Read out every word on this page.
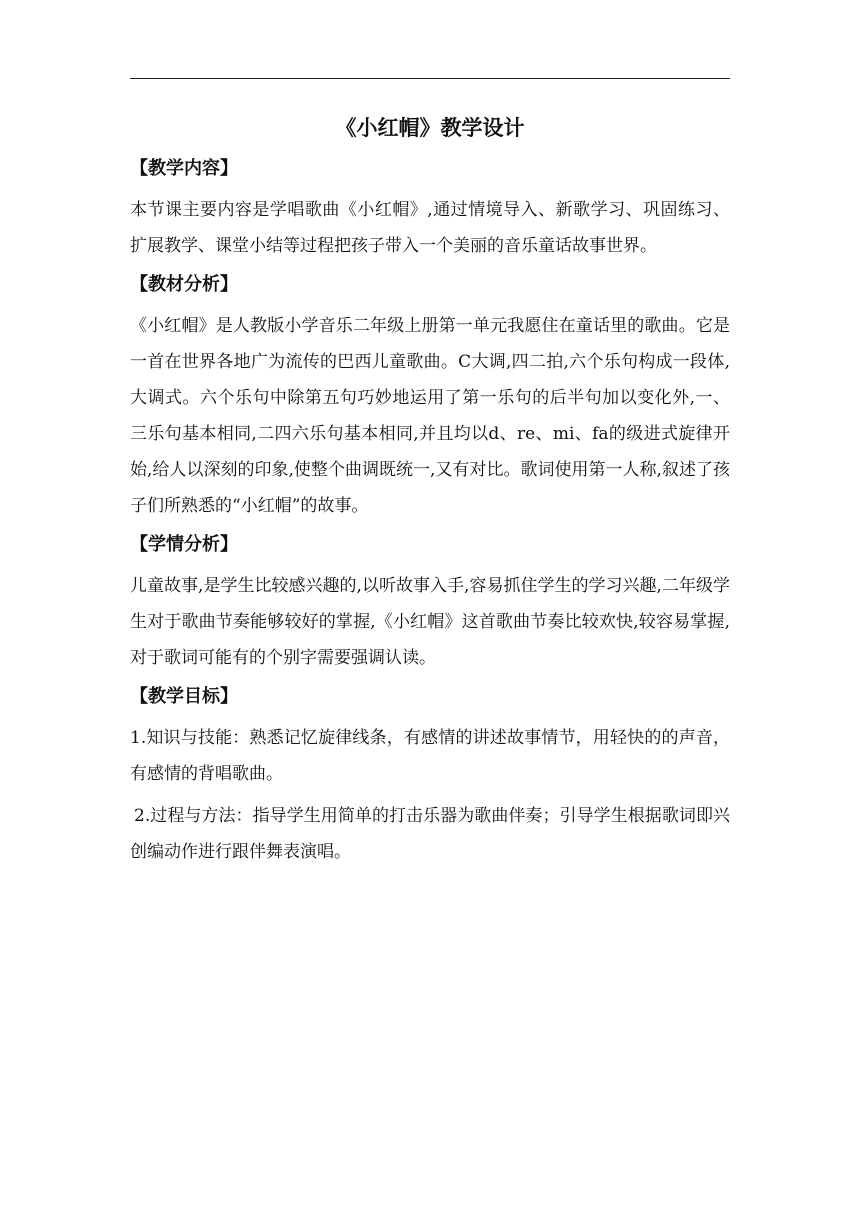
《小红帽》教学设计
【教学内容】

本节课主要内容是学唱歌曲《小红帽》,通过情境导入、新歌学习、巩固练习、扩展教学、课堂小结等过程把孩子带入一个美丽的音乐童话故事世界。

【教材分析】

《小红帽》是人教版小学音乐二年级上册第一单元我愿住在童话里的歌曲。它是一首在世界各地广为流传的巴西儿童歌曲。C大调,四二拍,六个乐句构成一段体,大调式。六个乐句中除第五句巧妙地运用了第一乐句的后半句加以变化外,一、三乐句基本相同,二四六乐句基本相同,并且均以d、re、mi、fa的级进式旋律开始,给人以深刻的印象,使整个曲调既统一,又有对比。歌词使用第一人称,叙述了孩子们所熟悉的“小红帽”的故事。

【学情分析】

儿童故事,是学生比较感兴趣的,以听故事入手,容易抓住学生的学习兴趣,二年级学生对于歌曲节奏能够较好的掌握,《小红帽》这首歌曲节奏比较欢快,较容易掌握,对于歌词可能有的个别字需要强调认读。

【教学目标】

1.知识与技能：熟悉记忆旋律线条，有感情的讲述故事情节，用轻快的的声音，有感情的背唱歌曲。

2.过程与方法：指导学生用简单的打击乐器为歌曲伴奏；引导学生根据歌词即兴创编动作进行跟伴舞表演唱。
